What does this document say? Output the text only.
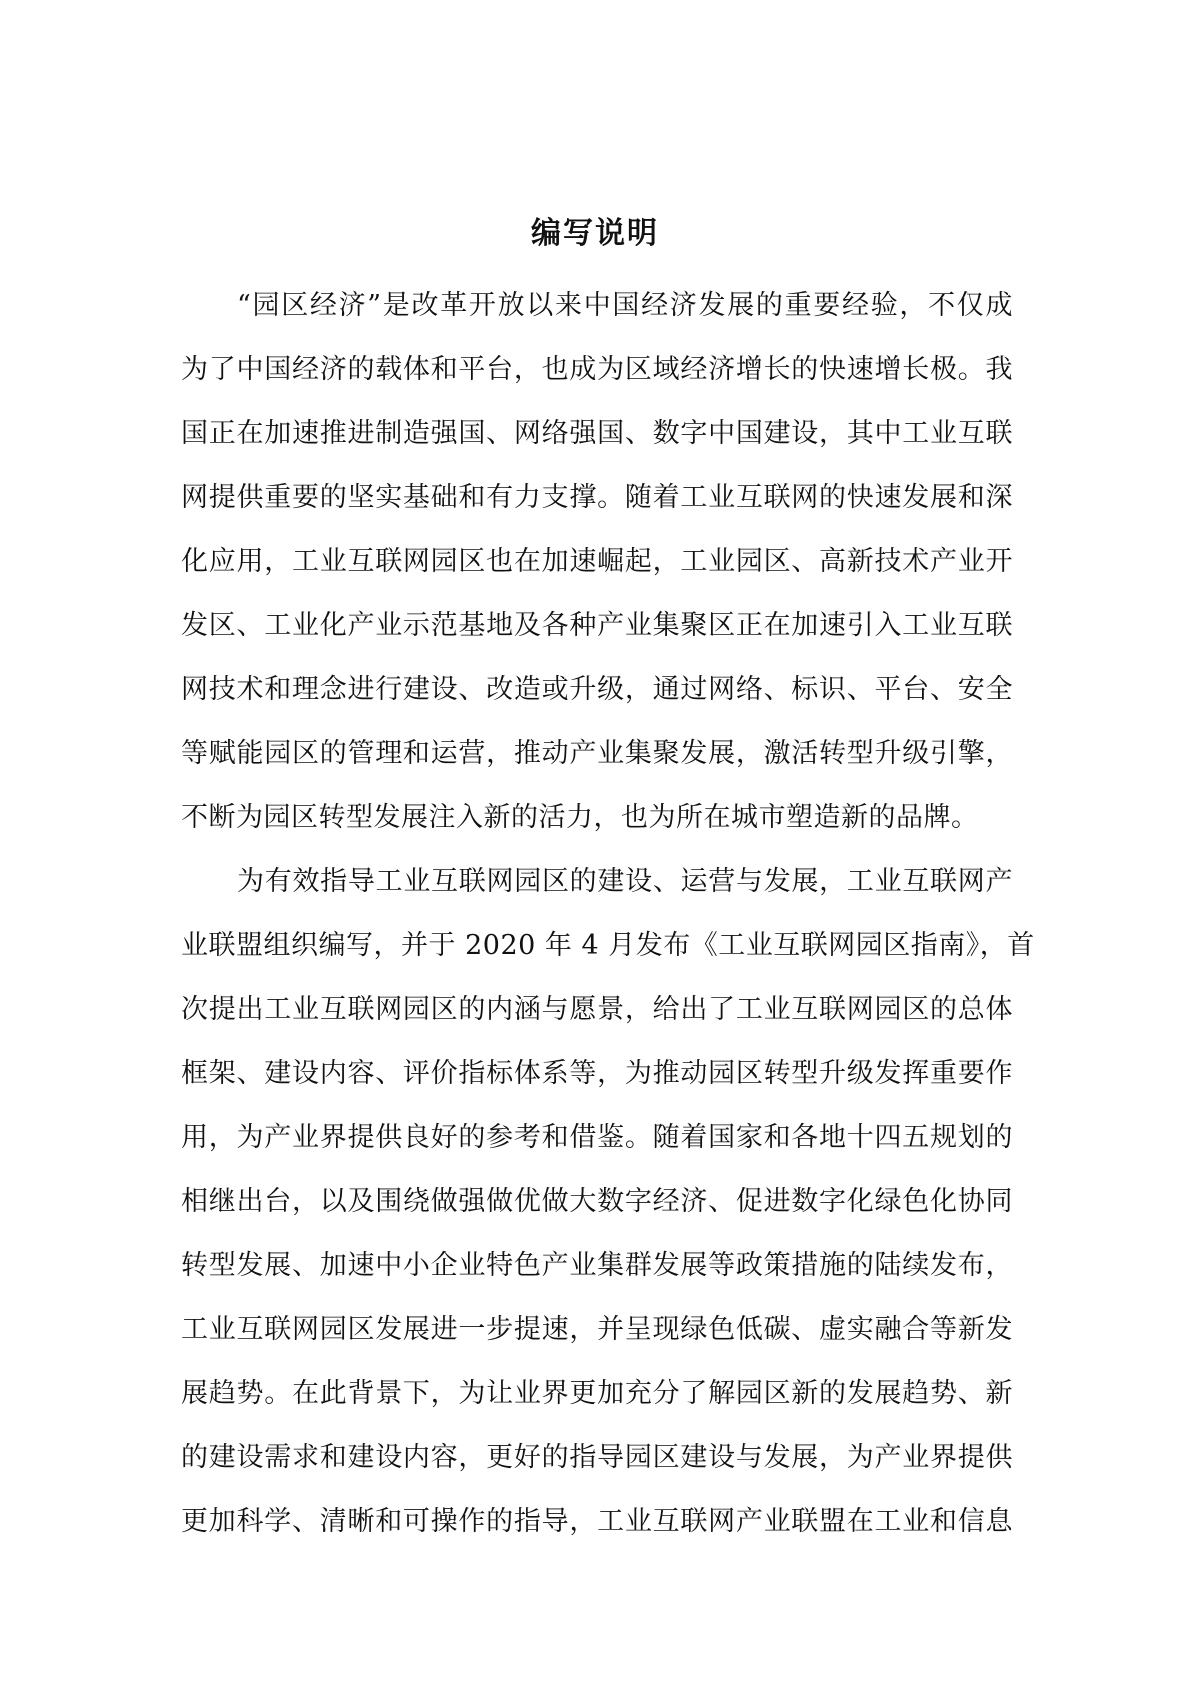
编写说明
“园区经济”是改革开放以来中国经济发展的重要经验，不仅成
为了中国经济的载体和平台，也成为区域经济增长的快速增长极。我
国正在加速推进制造强国、网络强国、数字中国建设，其中工业互联
网提供重要的坚实基础和有力支撑。随着工业互联网的快速发展和深
化应用，工业互联网园区也在加速崛起，工业园区、高新技术产业开
发区、工业化产业示范基地及各种产业集聚区正在加速引入工业互联
网技术和理念进行建设、改造或升级，通过网络、标识、平台、安全
等赋能园区的管理和运营，推动产业集聚发展，激活转型升级引擎，
不断为园区转型发展注入新的活力，也为所在城市塑造新的品牌。
为有效指导工业互联网园区的建设、运营与发展，工业互联网产
业联盟组织编写，并于 2020 年 4 月发布《工业互联网园区指南》，首
次提出工业互联网园区的内涵与愿景，给出了工业互联网园区的总体
框架、建设内容、评价指标体系等，为推动园区转型升级发挥重要作
用，为产业界提供良好的参考和借鉴。随着国家和各地十四五规划的
相继出台，以及围绕做强做优做大数字经济、促进数字化绿色化协同
转型发展、加速中小企业特色产业集群发展等政策措施的陆续发布，
工业互联网园区发展进一步提速，并呈现绿色低碳、虚实融合等新发
展趋势。在此背景下，为让业界更加充分了解园区新的发展趋势、新
的建设需求和建设内容，更好的指导园区建设与发展，为产业界提供
更加科学、清晰和可操作的指导，工业互联网产业联盟在工业和信息
